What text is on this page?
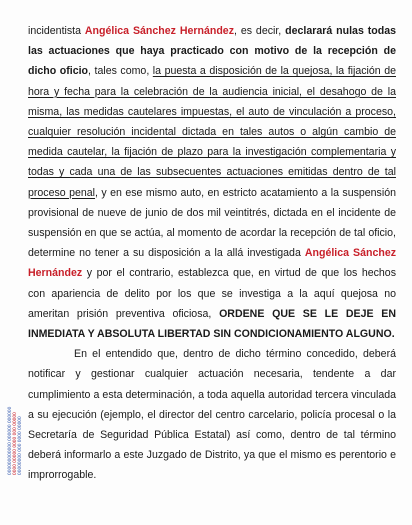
000000000000 000000 000000 0000 00000 0000 000 00000 00000000 000 0000 00000

incidentista Angélica Sánchez Hernández, es decir, declarará nulas todas las actuaciones que haya practicado con motivo de la recepción de dicho oficio, tales como, la puesta a disposición de la quejosa, la fijación de hora y fecha para la celebración de la audiencia inicial, el desahogo de la misma, las medidas cautelares impuestas, el auto de vinculación a proceso, cualquier resolución incidental dictada en tales autos o algún cambio de medida cautelar, la fijación de plazo para la investigación complementaria y todas y cada una de las subsecuentes actuaciones emitidas dentro de tal proceso penal, y en ese mismo auto, en estricto acatamiento a la suspensión provisional de nueve de junio de dos mil veintitrés, dictada en el incidente de suspensión en que se actúa, al momento de acordar la recepción de tal oficio, determine no tener a su disposición a la allá investigada Angélica Sánchez Hernández y por el contrario, establezca que, en virtud de que los hechos con apariencia de delito por los que se investiga a la aquí quejosa no ameritan prisión preventiva oficiosa, ORDENE QUE SE LE DEJE EN INMEDIATA Y ABSOLUTA LIBERTAD SIN CONDICIONAMIENTO ALGUNO.

En el entendido que, dentro de dicho término concedido, deberá notificar y gestionar cualquier actuación necesaria, tendente a dar cumplimiento a esta determinación, a toda aquella autoridad tercera vinculada a su ejecución (ejemplo, el director del centro carcelario, policía procesal o la Secretaría de Seguridad Pública Estatal) así como, dentro de tal término deberá informarlo a este Juzgado de Distrito, ya que el mismo es perentorio e improrrogable.
